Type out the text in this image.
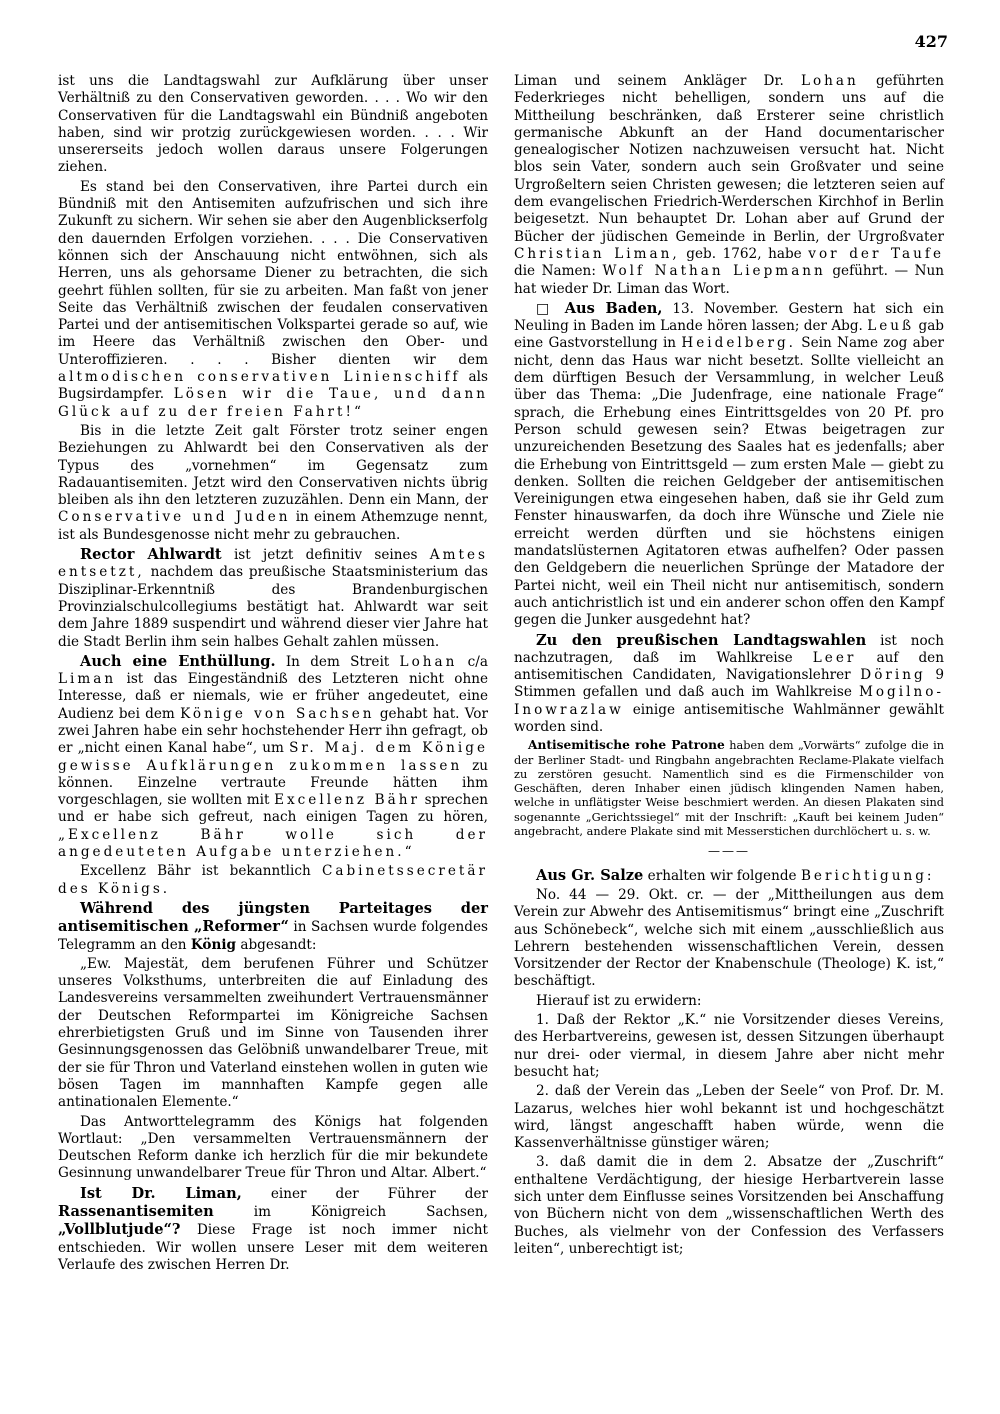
427

ist uns die Landtagswahl zur Aufklärung über unser Verhältniß zu den Conservativen geworden. . . . Wo wir den Conservativen für die Landtagswahl ein Bündniß angeboten haben, sind wir protzig zurückgewiesen worden. . . . Wir unsererseits jedoch wollen daraus unsere Folgerungen ziehen.

Es stand bei den Conservativen, ihre Partei durch ein Bündniß mit den Antisemiten aufzufrischen und sich ihre Zukunft zu sichern. Wir sehen sie aber den Augenblickserfolg den dauernden Erfolgen vorziehen. . . . Die Conservativen können sich der Anschauung nicht entwöhnen, sich als Herren, uns als gehorsame Diener zu betrachten, die sich geehrt fühlen sollten, für sie zu arbeiten. Man faßt von jener Seite das Verhältniß zwischen der feudalen conservativen Partei und der antisemitischen Volkspartei gerade so auf, wie im Heere das Verhältniß zwischen den Ober- und Unteroffizieren. . . . Bisher dienten wir dem altmodischen conservativen Linienschiff als Bugsirdampfer. Lösen wir die Taue, und dann Glück auf zu der freien Fahrt!“

Bis in die letzte Zeit galt Förster trotz seiner engen Beziehungen zu Ahlwardt bei den Conservativen als der Typus des „vornehmen“ im Gegensatz zum Radauantisemiten. Jetzt wird den Conservativen nichts übrig bleiben als ihn den letzteren zuzuzählen. Denn ein Mann, der Conservative und Juden in einem Athemzuge nennt, ist als Bundesgenosse nicht mehr zu gebrauchen.

Rector Ahlwardt ist jetzt definitiv seines Amtes entsetzt, nachdem das preußische Staatsministerium das Disziplinar-Erkenntniß des Brandenburgischen Provinzialschulcollegiums bestätigt hat. Ahlwardt war seit dem Jahre 1889 suspendirt und während dieser vier Jahre hat die Stadt Berlin ihm sein halbes Gehalt zahlen müssen.

Auch eine Enthüllung. In dem Streit Lohan c/a Liman ist das Eingeständniß des Letzteren nicht ohne Interesse, daß er niemals, wie er früher angedeutet, eine Audienz bei dem Könige von Sachsen gehabt hat. Vor zwei Jahren habe ein sehr hochstehender Herr ihn gefragt, ob er „nicht einen Kanal habe“, um Sr. Maj. dem Könige gewisse Aufklärungen zukommen lassen zu können. Einzelne vertraute Freunde hätten ihm vorgeschlagen, sie wollten mit Excellenz Bähr sprechen und er habe sich gefreut, nach einigen Tagen zu hören, „Excellenz Bähr wolle sich der angedeuteten Aufgabe unterziehen.“

Excellenz Bähr ist bekanntlich Cabinetssecretär des Königs.

Während des jüngsten Parteitages der antisemitischen „Reformer“ in Sachsen wurde folgendes Telegramm an den König abgesandt:

„Ew. Majestät, dem berufenen Führer und Schützer unseres Volksthums, unterbreiten die auf Einladung des Landesvereins versammelten zweihundert Vertrauensmänner der Deutschen Reformpartei im Königreiche Sachsen ehrerbietigsten Gruß und im Sinne von Tausenden ihrer Gesinnungsgenossen das Gelöbniß unwandelbarer Treue, mit der sie für Thron und Vaterland einstehen wollen in guten wie bösen Tagen im mannhaften Kampfe gegen alle antinationalen Elemente.“

Das Antworttelegramm des Königs hat folgenden Wortlaut: „Den versammelten Vertrauensmännern der Deutschen Reform danke ich herzlich für die mir bekundete Gesinnung unwandelbarer Treue für Thron und Altar. Albert.“

Ist Dr. Liman, einer der Führer der Rassenantisemiten	im Königreich Sachsen, „Vollblutjude“? Diese Frage ist noch immer nicht entschieden. Wir wollen unsere Leser mit dem weiteren Verlaufe des zwischen Herren Dr.

Liman und seinem Ankläger Dr. Lohan geführten Federkrieges nicht behelligen, sondern uns auf die Mittheilung beschränken, daß Ersterer seine christlich germanische Abkunft an der Hand documentarischer genealogischer Notizen nachzuweisen versucht hat. Nicht blos sein Vater, sondern auch sein Großvater und seine Urgroßeltern seien Christen gewesen; die letzteren seien auf dem evangelischen Friedrich-Werderschen Kirchhof in Berlin beigesetzt. Nun behauptet Dr. Lohan aber auf Grund der Bücher der jüdischen Gemeinde in Berlin, der Urgroßvater Christian Liman, geb. 1762, habe vor der Taufe die Namen: Wolf Nathan Liepmann geführt. — Nun hat wieder Dr. Liman das Wort.

□ Aus Baden, 13. November. Gestern hat sich ein Neuling in Baden im Lande hören lassen; der Abg. Leuß gab eine Gastvorstellung in Heidelberg. Sein Name zog aber nicht, denn das Haus war nicht besetzt. Sollte vielleicht an dem dürftigen Besuch der Versammlung, in welcher Leuß über das Thema: „Die Judenfrage, eine nationale Frage“ sprach, die Erhebung eines Eintrittsgeldes von 20 Pf. pro Person schuld gewesen sein? Etwas beigetragen zur unzureichenden Besetzung des Saales hat es jedenfalls; aber die Erhebung von Eintrittsgeld — zum ersten Male — giebt zu denken. Sollten die reichen Geldgeber der antisemitischen Vereinigungen etwa eingesehen haben, daß sie ihr Geld zum Fenster hinauswarfen, da doch ihre Wünsche und Ziele nie erreicht werden dürften und sie höchstens einigen mandatslüsternen Agitatoren etwas aufhelfen? Oder passen den Geldgebern die neuerlichen Sprünge der Matadore der Partei nicht, weil ein Theil nicht nur antisemitisch, sondern auch antichristlich ist und ein anderer schon offen den Kampf gegen die Junker ausgedehnt hat?

Zu den preußischen Landtagswahlen ist noch nachzutragen, daß im Wahlkreise Leer auf den antisemitischen Candidaten, Navigationslehrer Döring 9 Stimmen gefallen und daß auch im Wahlkreise Mogilno-Inowrazlaw einige antisemitische Wahlmänner gewählt worden sind.

Antisemitische rohe Patrone haben dem „Vorwärts“ zufolge die in der Berliner Stadt- und Ringbahn angebrachten Reclame-Plakate vielfach zu zerstören gesucht. Namentlich sind es die Firmenschilder von Geschäften, deren Inhaber einen jüdisch klingenden Namen haben, welche in unflätigster Weise beschmiert werden. An diesen Plakaten sind sogenannte „Gerichtssiegel“ mit der Inschrift: „Kauft bei keinem Juden“ angebracht, andere Plakate sind mit Messerstichen durchlöchert u. s. w.

———

Aus Gr. Salze erhalten wir folgende Berichtigung:

No. 44 — 29. Okt. cr. — der „Mittheilungen aus dem Verein zur Abwehr des Antisemitismus“ bringt eine „Zuschrift aus Schönebeck“, welche sich mit einem „ausschließlich aus Lehrern bestehenden wissenschaftlichen Verein, dessen Vorsitzender der Rector der Knabenschule (Theologe) K. ist,“ beschäftigt.

Hierauf ist zu erwidern:

1. Daß der Rektor „K.“ nie Vorsitzender dieses Vereins, des Herbartvereins, gewesen ist, dessen Sitzungen überhaupt nur drei- oder viermal, in diesem Jahre aber nicht mehr besucht hat;

2. daß der Verein das „Leben der Seele“ von Prof. Dr. M. Lazarus, welches hier wohl bekannt ist und hochgeschätzt wird, längst angeschafft haben würde, wenn die Kassenverhältnisse günstiger wären;

3. daß damit die in dem 2. Absatze der „Zuschrift“ enthaltene Verdächtigung, der hiesige Herbartverein lasse sich unter dem Einflusse seines Vorsitzenden bei Anschaffung von Büchern nicht von dem „wissenschaftlichen Werth des Buches, als vielmehr von der Confession des Verfassers leiten“, unberechtigt ist;
